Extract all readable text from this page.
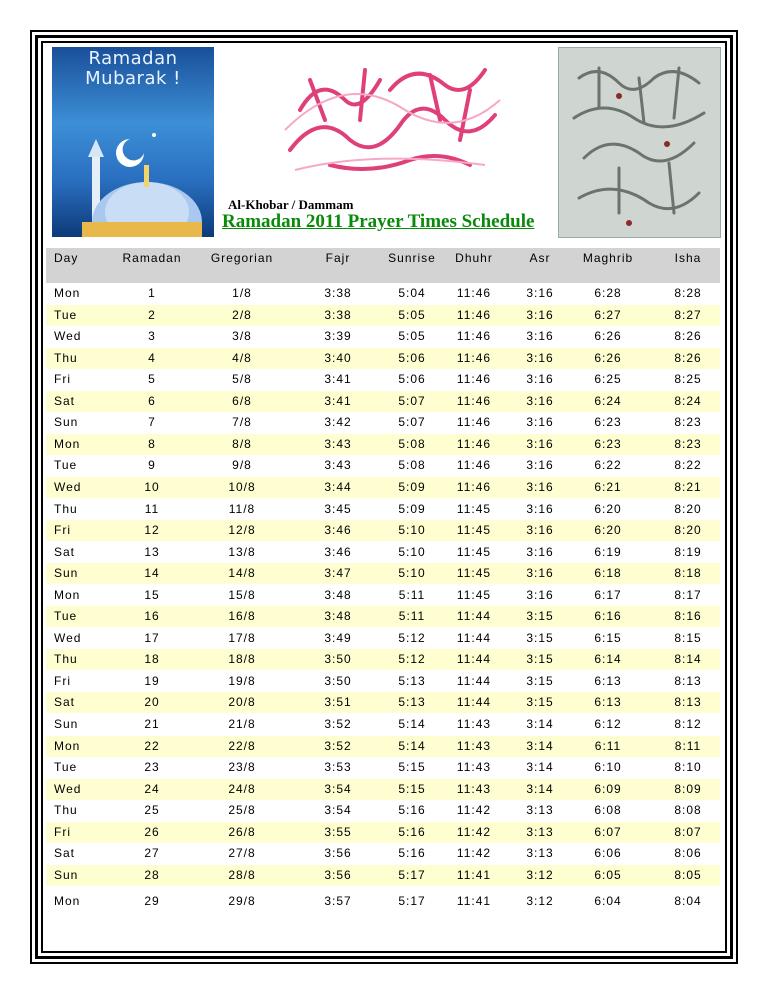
Ramadan Mubarak !
Al-Khobar / Dammam
Ramadan 2011 Prayer Times Schedule
Day	Ramadan Gregorian	Fajr	Sunrise Dhuhr	Asr	Maghrib	Isha
Mon	1	1/8	3:38	5:04	11:46	3:16	6:28	8:28
Tue	2	2/8	3:38	5:05	11:46	3:16	6:27	8:27
Wed	3	3/8	3:39	5:05	11:46	3:16	6:26	8:26
Thu	4	4/8	3:40	5:06	11:46	3:16	6:26	8:26
Fri	5	5/8	3:41	5:06	11:46	3:16	6:25	8:25
Sat	6	6/8	3:41	5:07	11:46	3:16	6:24	8:24
Sun	7	7/8	3:42	5:07	11:46	3:16	6:23	8:23
Mon	8	8/8	3:43	5:08	11:46	3:16	6:23	8:23
Tue	9	9/8	3:43	5:08	11:46	3:16	6:22	8:22
Wed	10	10/8	3:44	5:09	11:46	3:16	6:21	8:21
Thu	11	11/8	3:45	5:09	11:45	3:16	6:20	8:20
Fri	12	12/8	3:46	5:10	11:45	3:16	6:20	8:20
Sat	13	13/8	3:46	5:10	11:45	3:16	6:19	8:19
Sun	14	14/8	3:47	5:10	11:45	3:16	6:18	8:18
Mon	15	15/8	3:48	5:11	11:45	3:16	6:17	8:17
Tue	16	16/8	3:48	5:11	11:44	3:15	6:16	8:16
Wed	17	17/8	3:49	5:12	11:44	3:15	6:15	8:15
Thu	18	18/8	3:50	5:12	11:44	3:15	6:14	8:14
Fri	19	19/8	3:50	5:13	11:44	3:15	6:13	8:13
Sat	20	20/8	3:51	5:13	11:44	3:15	6:13	8:13
Sun	21	21/8	3:52	5:14	11:43	3:14	6:12	8:12
Mon	22	22/8	3:52	5:14	11:43	3:14	6:11	8:11
Tue	23	23/8	3:53	5:15	11:43	3:14	6:10	8:10
Wed	24	24/8	3:54	5:15	11:43	3:14	6:09	8:09
Thu	25	25/8	3:54	5:16	11:42	3:13	6:08	8:08
Fri	26	26/8	3:55	5:16	11:42	3:13	6:07	8:07
Sat	27	27/8	3:56	5:16	11:42	3:13	6:06	8:06
Sun	28	28/8	3:56	5:17	11:41	3:12	6:05	8:05
Mon	29	29/8	3:57	5:17	11:41	3:12	6:04	8:04
